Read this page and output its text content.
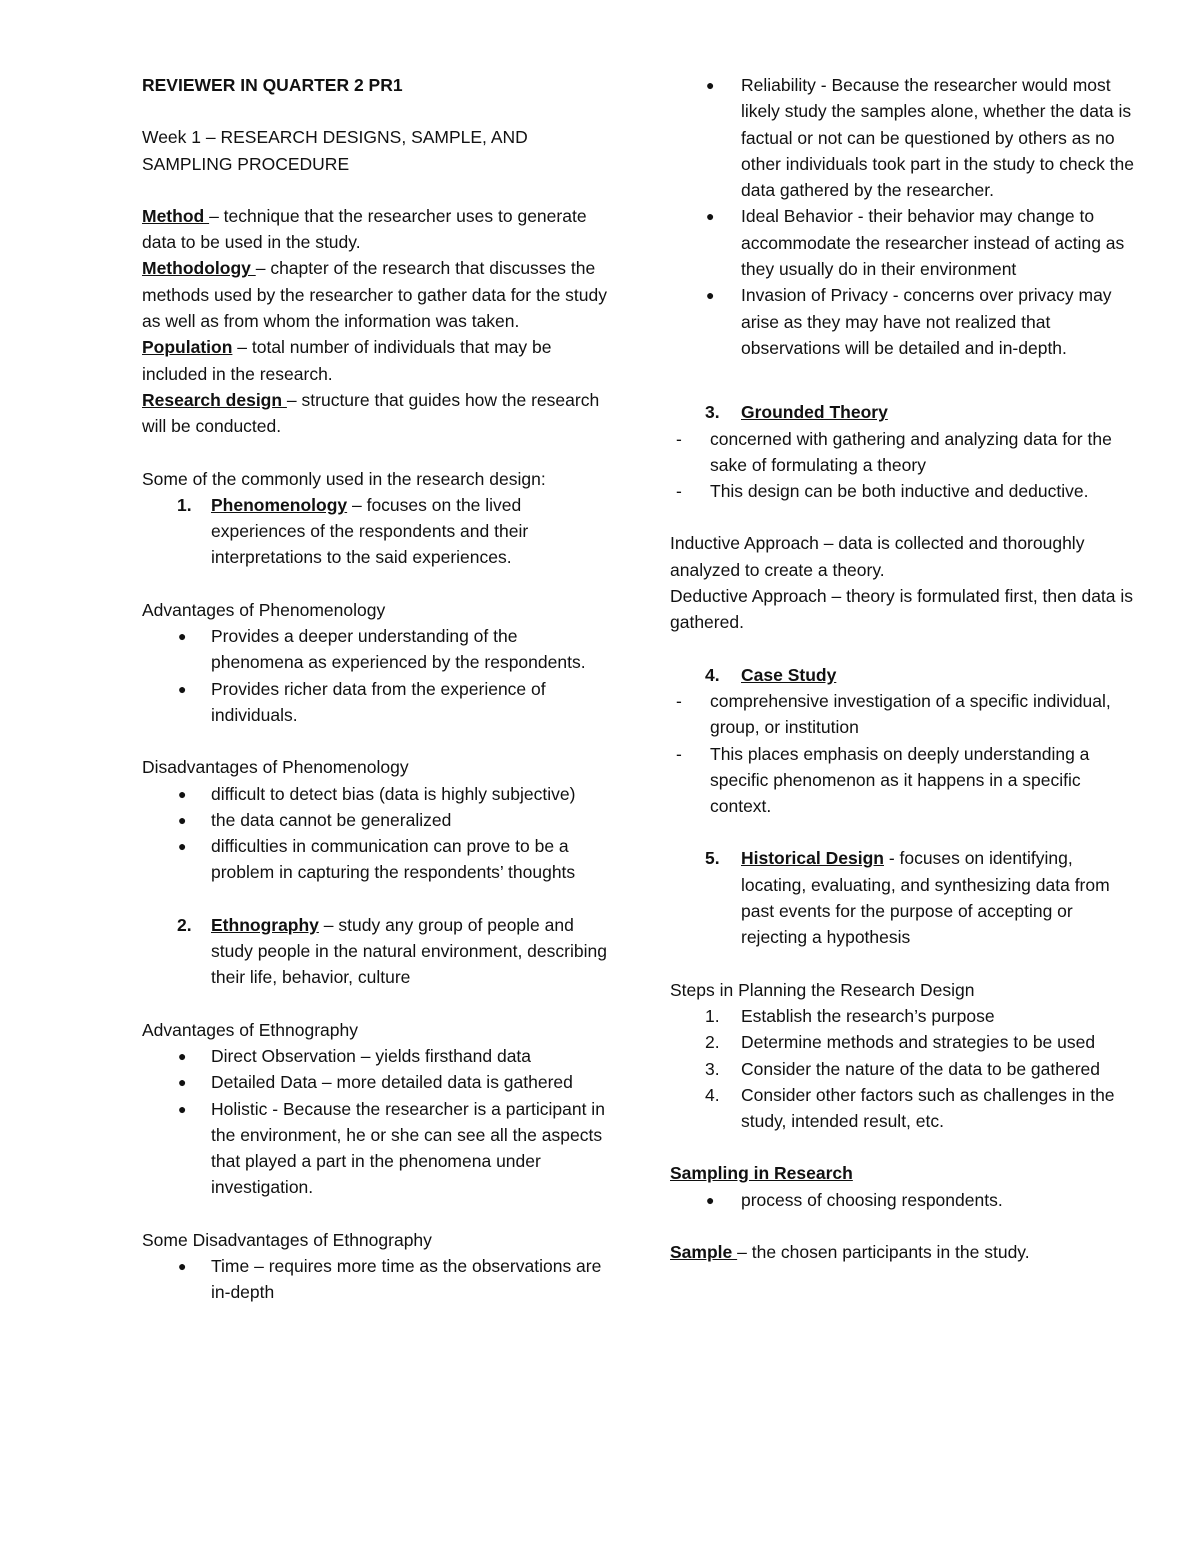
REVIEWER IN QUARTER 2 PR1

Week 1 – RESEARCH DESIGNS, SAMPLE, AND

SAMPLING PROCEDURE

Method – technique that the researcher uses to generate data to be used in the study.

Methodology – chapter of the research that discusses the methods used by the researcher to gather data for the study as well as from whom the information was taken.

Population – total number of individuals that may be included in the research.

Research design – structure that guides how the research will be conducted.

Some of the commonly used in the research design:

1.	Phenomenology – focuses on the lived experiences of the respondents and their interpretations to the said experiences.

Advantages of Phenomenology

●	Provides a deeper understanding of the phenomena as experienced by the respondents.
●	Provides richer data from the experience of individuals.

Disadvantages of Phenomenology

●	difficult to detect bias (data is highly subjective)
●	the data cannot be generalized
●	difficulties in communication can prove to be a problem in capturing the respondents’ thoughts
2.	Ethnography – study any group of people and study people in the natural environment, describing their life, behavior, culture

Advantages of Ethnography

●	Direct Observation – yields firsthand data
●	Detailed Data – more detailed data is gathered
●	Holistic - Because the researcher is a participant in the environment, he or she can see all the aspects that played a part in the phenomena under investigation.

Some Disadvantages of Ethnography

●	Time – requires more time as the observations are in-depth
●	Reliability - Because the researcher would most likely study the samples alone, whether the data is factual or not can be questioned by others as no other individuals took part in the study to check the data gathered by the researcher.
●	Ideal Behavior - their behavior may change to accommodate the researcher instead of acting as they usually do in their environment
●	Invasion of Privacy - concerns over privacy may arise as they may have not realized that observations will be detailed and in-depth.
3.	Grounded Theory
-	concerned with gathering and analyzing data for the sake of formulating a theory
-	This design can be both inductive and deductive.

Inductive Approach – data is collected and thoroughly analyzed to create a theory.

Deductive Approach – theory is formulated first, then data is gathered.

4.	Case Study
-	comprehensive investigation of a specific individual, group, or institution
-	This places emphasis on deeply understanding a specific phenomenon as it happens in a specific context.
5.	Historical Design - focuses on identifying, locating, evaluating, and synthesizing data from past events for the purpose of accepting or rejecting a hypothesis

Steps in Planning the Research Design

1.	Establish the research’s purpose
2.	Determine methods and strategies to be used
3.	Consider the nature of the data to be gathered
4.	Consider other factors such as challenges in the study, intended result, etc.

Sampling in Research

●	process of choosing respondents.

Sample – the chosen participants in the study.
